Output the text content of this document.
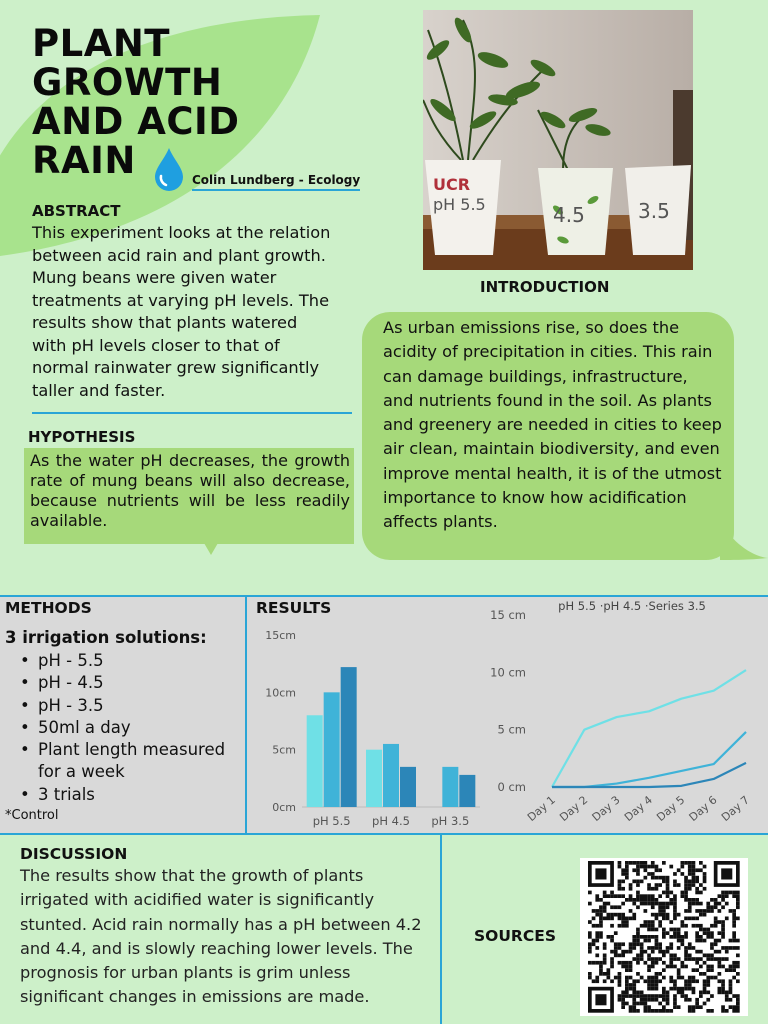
PLANT
GROWTH
AND ACID
RAIN	Colin Lundberg - Ecology
ABSTRACT
This experiment looks at the relation between acid rain and plant growth. Mung beans were given water treatments at varying pH levels. The results show that plants watered with pH levels closer to that of normal rainwater grew significantly taller and faster.
HYPOTHESIS
As the water pH decreases, the growth rate of mung beans will also decrease, because nutrients will be less readily available.
UCR
pH 5.5	4.5	3.5
INTRODUCTION
As urban emissions rise, so does the acidity of precipitation in cities. This rain can damage buildings, infrastructure, and nutrients found in the soil. As plants and greenery are needed in cities to keep air clean, maintain biodiversity, and even improve mental health, it is of the utmost importance to know how acidification affects plants.
METHODS
3 irrigation solutions:
• pH - 5.5
• pH - 4.5
• pH - 3.5
• 50ml a day
• Plant length measured for a week
• 3 trials
*Control
RESULTS
0cm
5cm
10cm
15cm
pH 5.5 pH 4.5 pH 3.5
pH 5.5 ·pH 4.5 ·Series 3.5
0 cm
5 cm
10 cm
15 cm
Day 1 Day 2 Day 3 Day 4 Day 5 Day 6 Day 7
DISCUSSION
The results show that the growth of plants irrigated with acidified water is significantly stunted. Acid rain normally has a pH between 4.2 and 4.4, and is slowly reaching lower levels. The prognosis for urban plants is grim unless significant changes in emissions are made.
SOURCES
